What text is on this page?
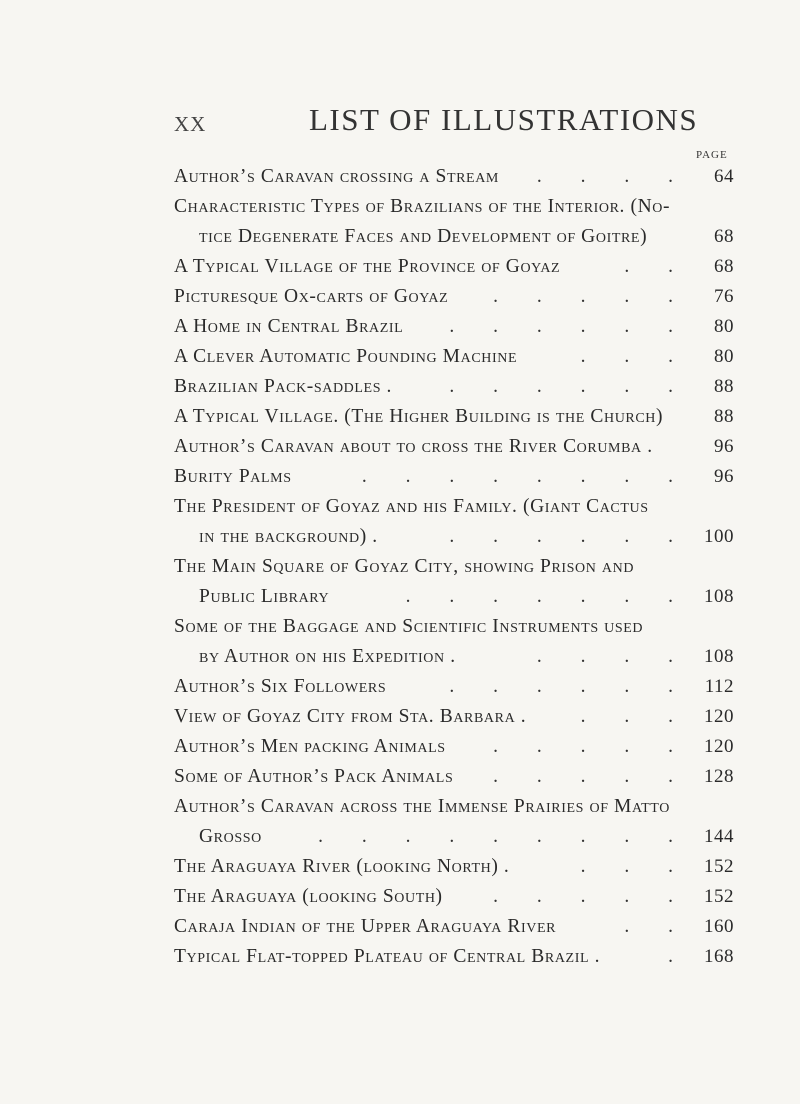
XX	LIST OF ILLUSTRATIONS
PAGE
Author’s Caravan crossing a Stream . . . . 64
Characteristic Types of Brazilians of the Interior. (No-
tice Degenerate Faces and Development of Goitre)	68
A Typical Village of the Province of Goyaz	. . 68
Picturesque Ox-carts of Goyaz . . . . . 76
A Home in Central Brazil . . . . . . 80
A Clever Automatic Pounding Machine	. . . 80
Brazilian Pack-saddles .	. . . . . . 88
A Typical Village. (The Higher Building is the Church)	88
Author’s Caravan about to cross the River Corumba .	96
Burity Palms	. . . . . . . . 96
The President of Goyaz and his Family. (Giant Cactus
in the background) .	. . . . . . 100
The Main Square of Goyaz City, showing Prison and
Public Library	. . . . . . . 108
Some of the Baggage and Scientific Instruments used
by Author on his Expedition .	. . . . 108
Author’s Six Followers	. . . . . . 112
View of Goyaz City from Sta. Barbara .	. . . 120
Author’s Men packing Animals . . . . . 120
Some of Author’s Pack Animals . . . . . 128
Author’s Caravan across the Immense Prairies of Matto
Grosso	. . . . . . . . . 144
The Araguaya River (looking North) .	. . . 152
The Araguaya (looking South)	. . . . . 152
Caraja Indian of the Upper Araguaya River	. . 160
Typical Flat-topped Plateau of Central Brazil .	. 168
